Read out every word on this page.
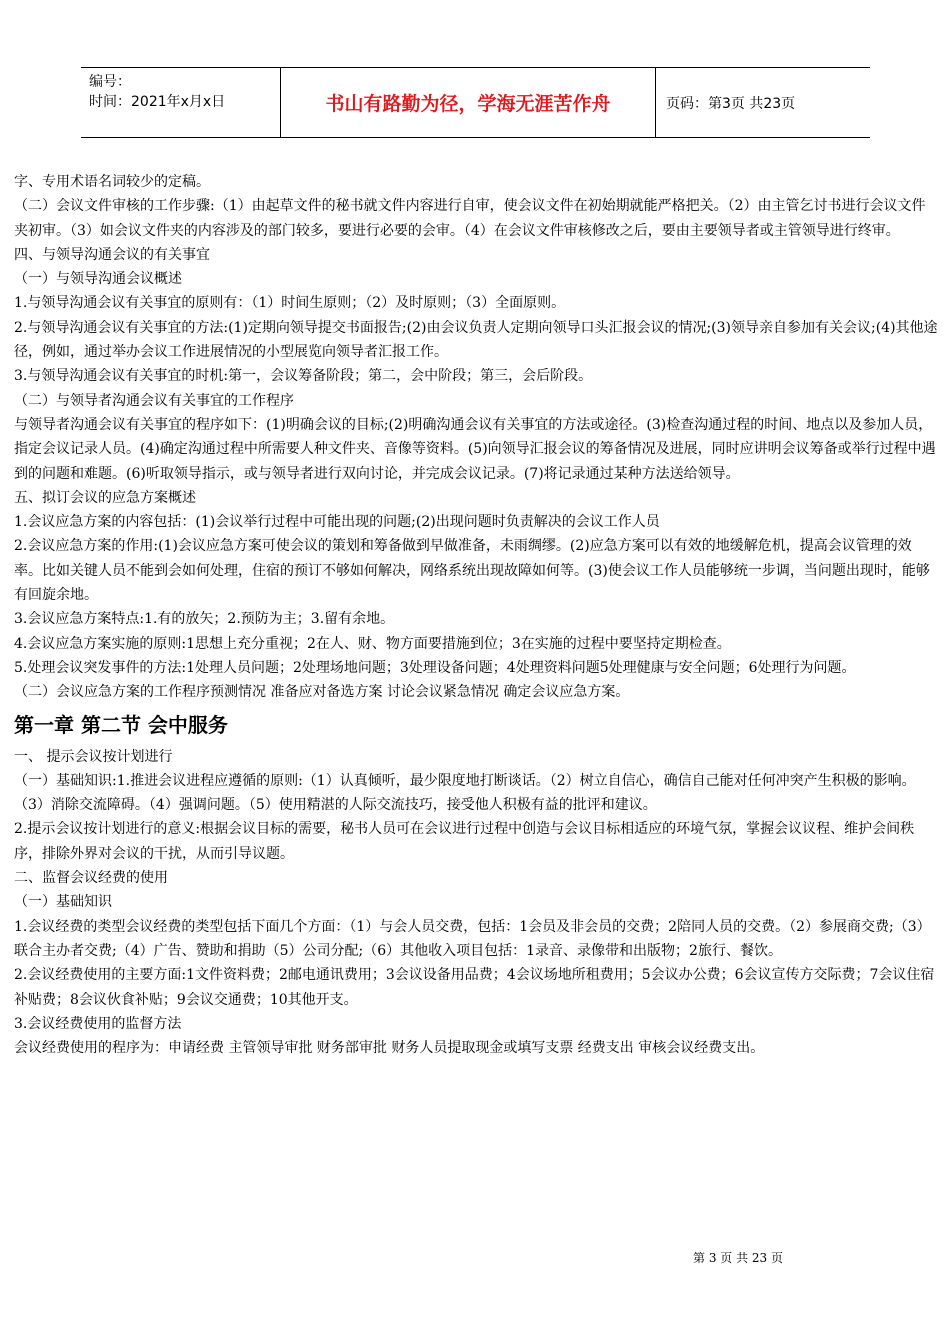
编号：
时间：2021年x月x日	书山有路勤为径，学海无涯苦作舟	页码：第3页 共23页

字、专用术语名词较少的定稿。

（二）会议文件审核的工作步骤:（1）由起草文件的秘书就文件内容进行自审，使会议文件在初始期就能严格把关。（2）由主管乞讨书进行会议文件夹初审。（3）如会议文件夹的内容涉及的部门较多，要进行必要的会审。（4）在会议文件审核修改之后，要由主要领导者或主管领导进行终审。

四、与领导沟通会议的有关事宜

（一）与领导沟通会议概述

1.与领导沟通会议有关事宜的原则有：（1）时间生原则；（2）及时原则；（3）全面原则。

2.与领导沟通会议有关事宜的方法:(1)定期向领导提交书面报告;(2)由会议负责人定期向领导口头汇报会议的情况;(3)领导亲自参加有关会议;(4)其他途径，例如，通过举办会议工作进展情况的小型展览向领导者汇报工作。

3.与领导沟通会议有关事宜的时机:第一，会议筹备阶段；第二，会中阶段；第三，会后阶段。

（二）与领导者沟通会议有关事宜的工作程序

与领导者沟通会议有关事宜的程序如下：(1)明确会议的目标;(2)明确沟通会议有关事宜的方法或途径。(3)检查沟通过程的时间、地点以及参加人员，指定会议记录人员。(4)确定沟通过程中所需要人种文件夹、音像等资料。(5)向领导汇报会议的筹备情况及进展，同时应讲明会议筹备或举行过程中遇到的问题和难题。(6)听取领导指示，或与领导者进行双向讨论，并完成会议记录。(7)将记录通过某种方法送给领导。

五、拟订会议的应急方案概述

1.会议应急方案的内容包括：(1)会议举行过程中可能出现的问题;(2)出现问题时负责解决的会议工作人员

2.会议应急方案的作用:(1)会议应急方案可使会议的策划和筹备做到早做准备，未雨绸缪。(2)应急方案可以有效的地缓解危机，提高会议管理的效率。比如关键人员不能到会如何处理，住宿的预订不够如何解决，网络系统出现故障如何等。(3)使会议工作人员能够统一步调，当问题出现时，能够有回旋余地。

3.会议应急方案特点:1.有的放矢；2.预防为主；3.留有余地。

4.会议应急方案实施的原则:1思想上充分重视；2在人、财、物方面要措施到位；3在实施的过程中要坚持定期检查。

5.处理会议突发事件的方法:1处理人员问题；2处理场地问题；3处理设备问题；4处理资料问题5处理健康与安全问题；6处理行为问题。

（二）会议应急方案的工作程序预测情况 准备应对备选方案 讨论会议紧急情况 确定会议应急方案。

第一章 第二节 会中服务

一、 提示会议按计划进行

（一）基础知识:1.推进会议进程应遵循的原则:（1）认真倾听，最少限度地打断谈话。（2）树立自信心，确信自己能对任何冲突产生积极的影响。（3）消除交流障碍。（4）强调问题。（5）使用精湛的人际交流技巧，接受他人积极有益的批评和建议。

2.提示会议按计划进行的意义:根据会议目标的需要，秘书人员可在会议进行过程中创造与会议目标相适应的环境气氛，掌握会议议程、维护会间秩序，排除外界对会议的干扰，从而引导议题。

二、监督会议经费的使用

（一）基础知识

1.会议经费的类型会议经费的类型包括下面几个方面：（1）与会人员交费，包括：1会员及非会员的交费；2陪同人员的交费。（2）参展商交费;（3）联合主办者交费;（4）广告、赞助和捐助（5）公司分配;（6）其他收入项目包括：1录音、录像带和出版物；2旅行、餐饮。

2.会议经费使用的主要方面:1文件资料费；2邮电通讯费用；3会议设备用品费；4会议场地所租费用；5会议办公费；6会议宣传方交际费；7会议住宿补贴费；8会议伙食补贴；9会议交通费；10其他开支。

3.会议经费使用的监督方法

会议经费使用的程序为：申请经费 主管领导审批 财务部审批 财务人员提取现金或填写支票 经费支出 审核会议经费支出。

第 3 页 共 23 页
